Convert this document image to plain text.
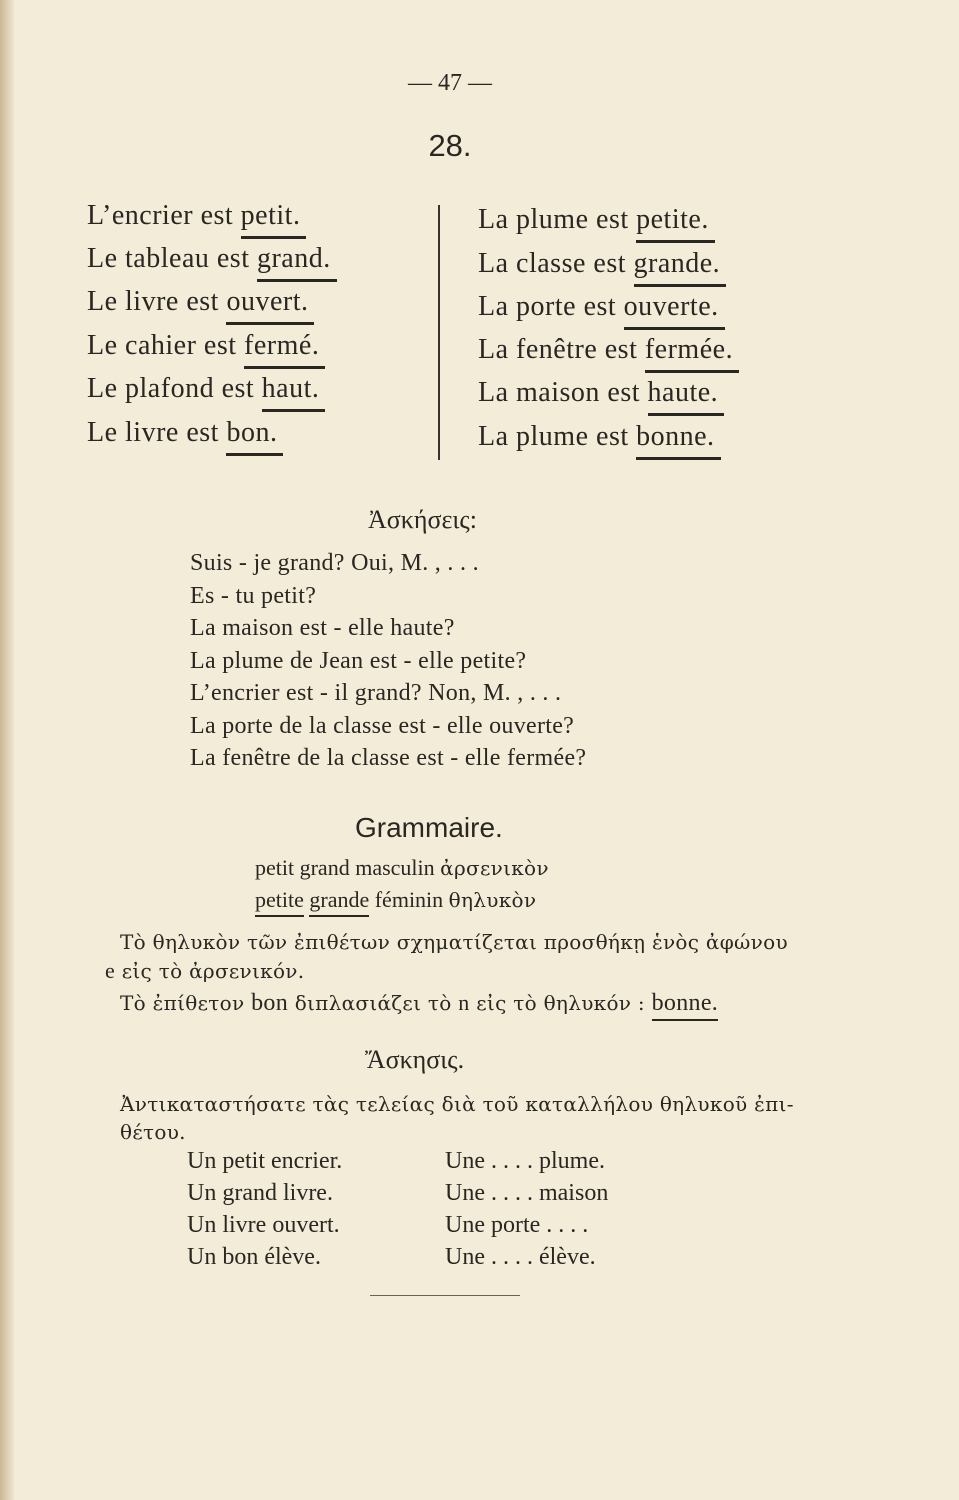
— 47 —
28.
L’encrier est petit.
Le tableau est grand.
Le livre est ouvert.
Le cahier est fermé.
Le plafond est haut.
Le livre est bon.
La plume est petite.
La classe est grande.
La porte est ouverte.
La fenêtre est fermée.
La maison est haute.
La plume est bonne.
Ἀσκήσεις:
Suis - je grand? Oui, M. , . . .
Es - tu petit?
La maison est - elle haute?
La plume de Jean est - elle petite?
L’encrier est - il grand? Non, M. , . . .
La porte de la classe est - elle ouverte?
La fenêtre de la classe est - elle fermée?
Grammaire.
petit grand masculin ἀρσενικὸν
petite grande féminin θηλυκὸν
Τὸ θηλυκὸν τῶν ἐπιθέτων σχηματίζεται προσθήκῃ ἑνὸς ἀφώνου
e εἰς τὸ ἀρσενικόν.
Τὸ ἐπίθετον bon διπλασιάζει τὸ n εἰς τὸ θηλυκόν : bonne.
Ἄσκησις.
Ἀντικαταστήσατε τὰς τελείας διὰ τοῦ καταλλήλου θηλυκοῦ ἐπι-
θέτου.
Un petit encrier.
Un grand livre.
Un livre ouvert.
Un bon élève.
Une . . . . plume.
Une . . . . maison
Une porte . . . .
Une . . . . élève.
